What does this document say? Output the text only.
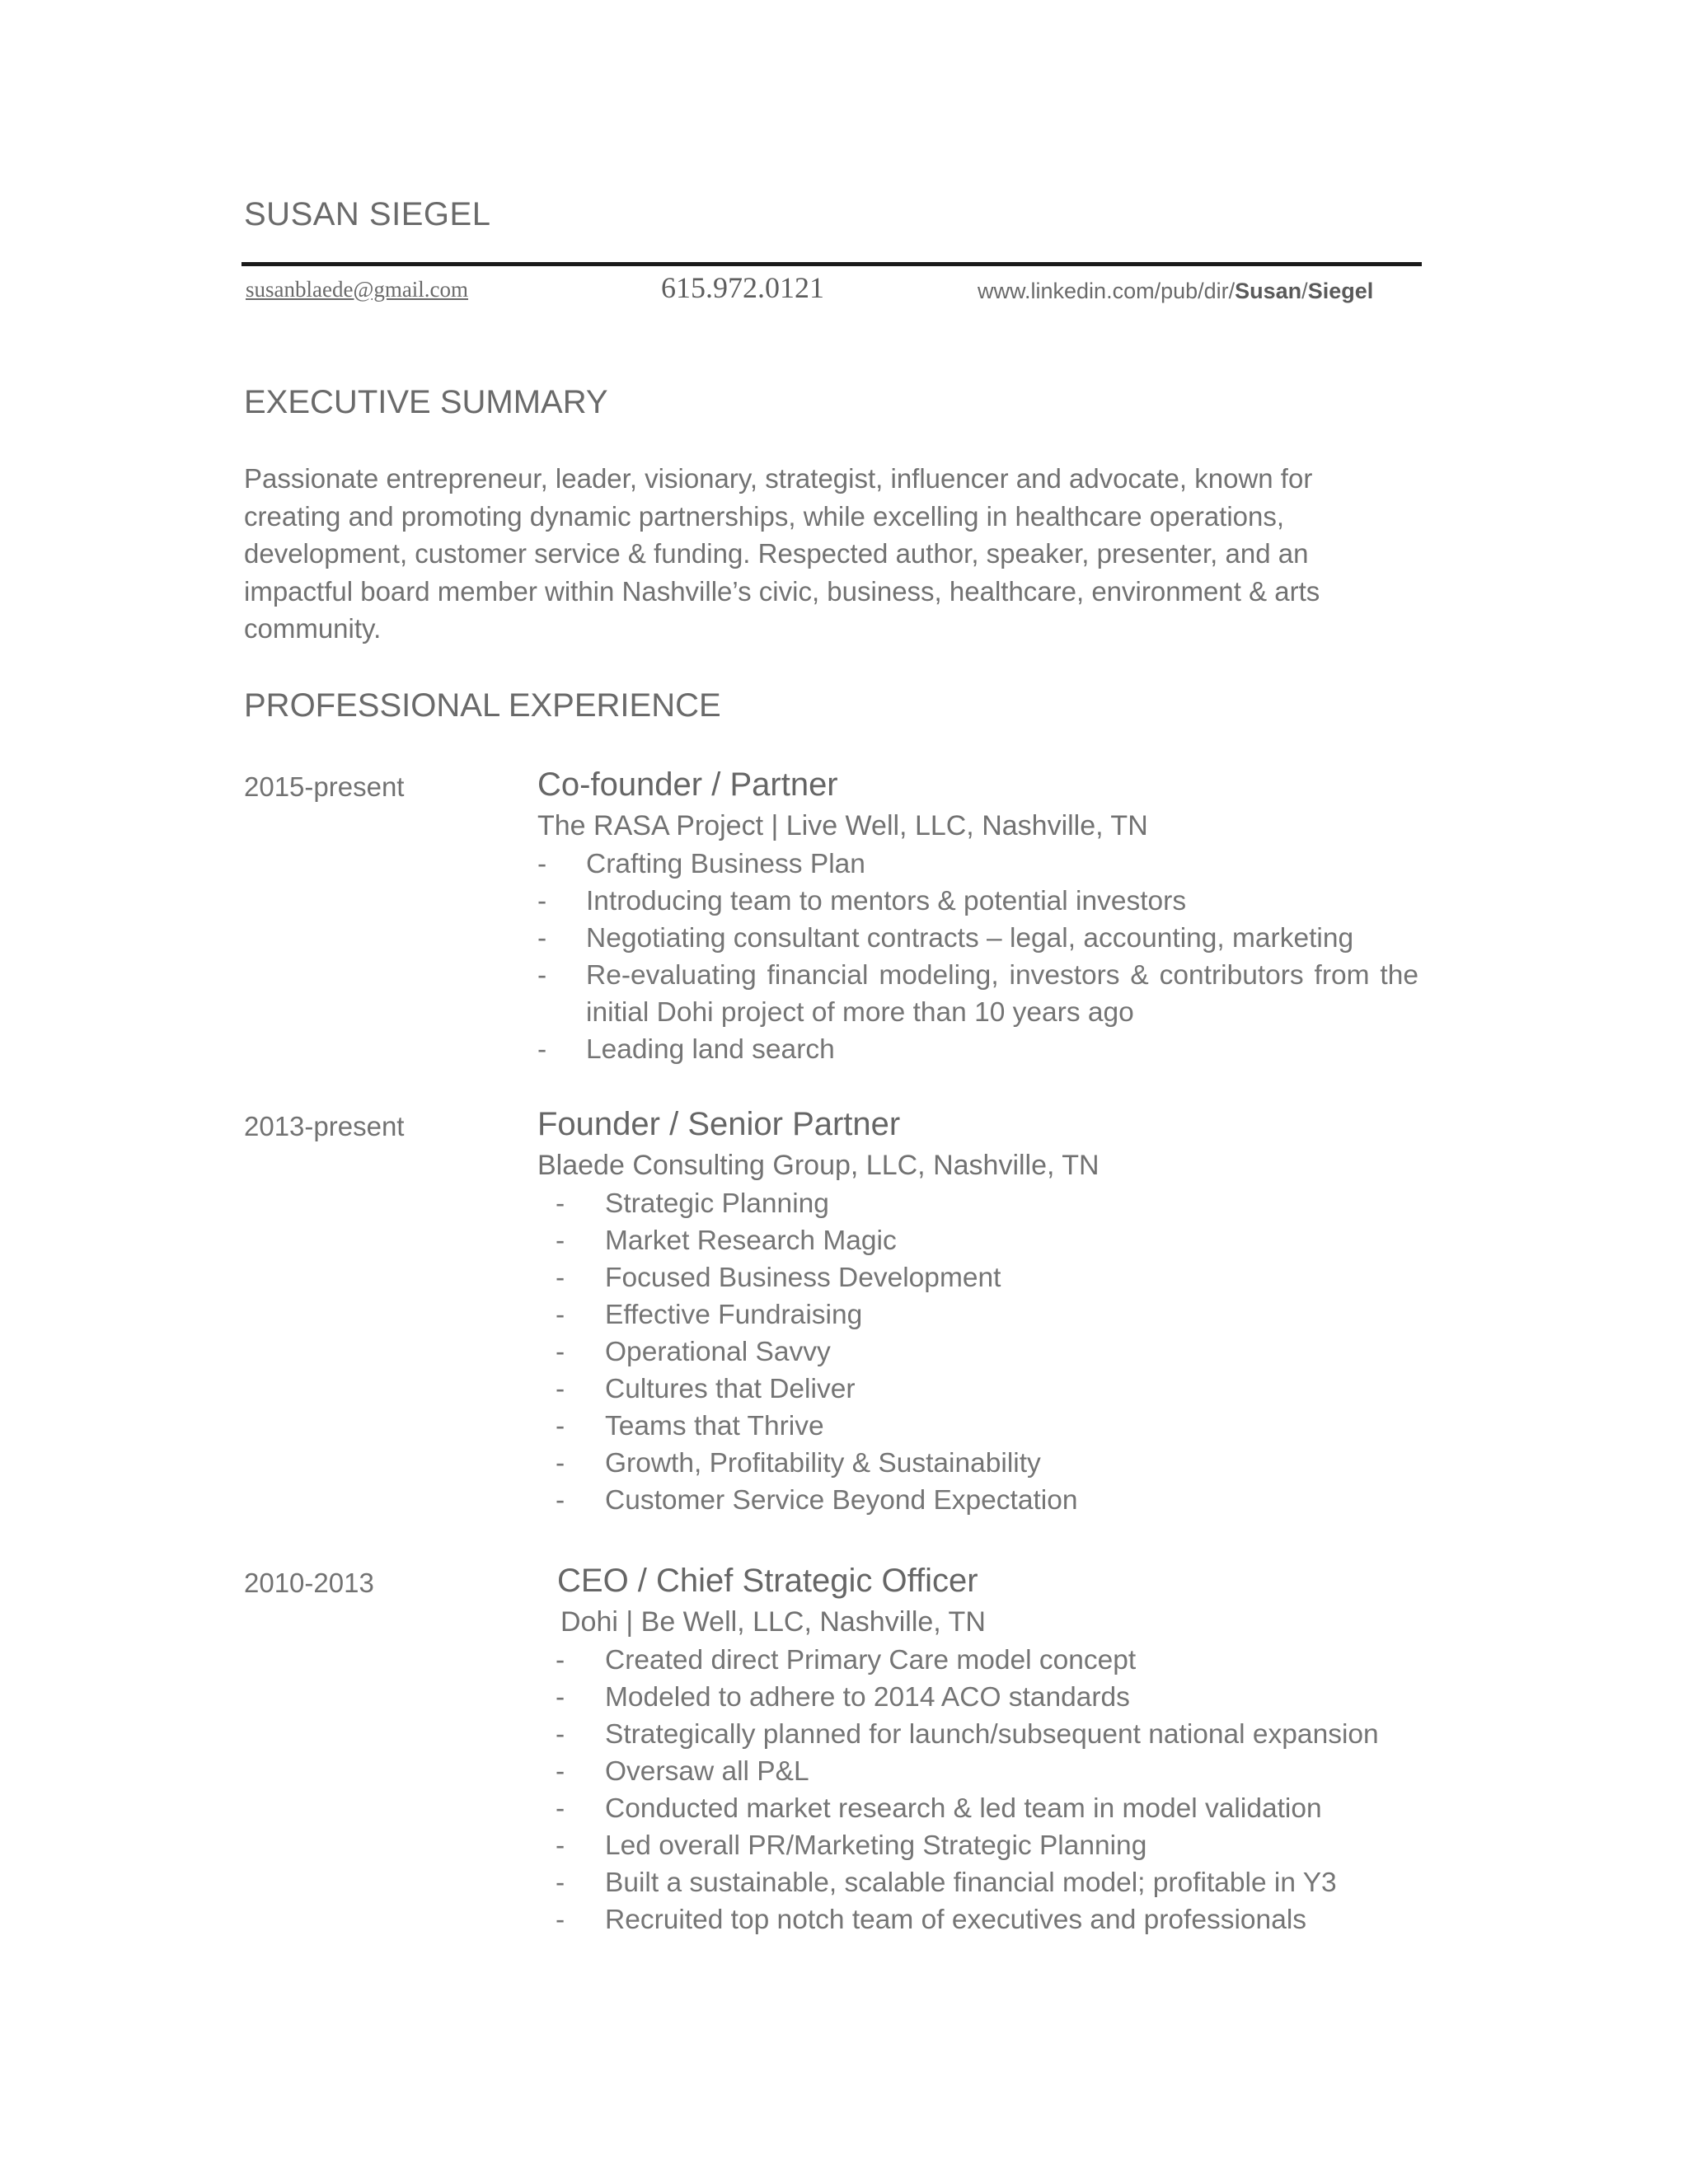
SUSAN SIEGEL
susanblaede@gmail.com	615.972.0121	www.linkedin.com/pub/dir/Susan/Siegel
EXECUTIVE SUMMARY
Passionate entrepreneur, leader, visionary, strategist, influencer and advocate, known for creating and promoting dynamic partnerships, while excelling in healthcare operations, development, customer service & funding. Respected author, speaker, presenter, and an impactful board member within Nashville’s civic, business, healthcare, environment & arts community.
PROFESSIONAL EXPERIENCE
2015-present	Co-founder / Partner
The RASA Project | Live Well, LLC, Nashville, TN
- Crafting Business Plan
- Introducing team to mentors & potential investors
- Negotiating consultant contracts – legal, accounting, marketing
- Re-evaluating financial modeling, investors & contributors from the initial Dohi project of more than 10 years ago
- Leading land search
2013-present	Founder / Senior Partner
Blaede Consulting Group, LLC, Nashville, TN
- Strategic Planning
- Market Research Magic
- Focused Business Development
- Effective Fundraising
- Operational Savvy
- Cultures that Deliver
- Teams that Thrive
- Growth, Profitability & Sustainability
- Customer Service Beyond Expectation
2010-2013	CEO / Chief Strategic Officer
Dohi | Be Well, LLC, Nashville, TN
- Created direct Primary Care model concept
- Modeled to adhere to 2014 ACO standards
- Strategically planned for launch/subsequent national expansion
- Oversaw all P&L
- Conducted market research & led team in model validation
- Led overall PR/Marketing Strategic Planning
- Built a sustainable, scalable financial model; profitable in Y3
- Recruited top notch team of executives and professionals
